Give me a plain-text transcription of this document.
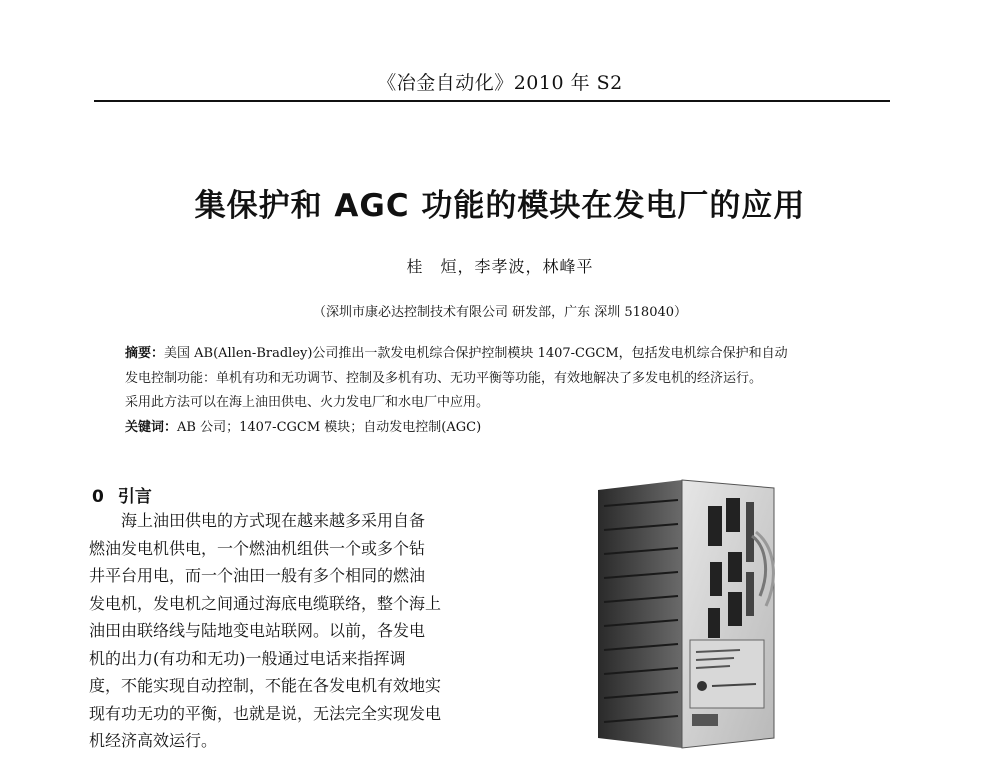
《冶金自动化》2010 年 S2
集保护和 AGC 功能的模块在发电厂的应用
桂　烜，李孝波，林峰平
（深圳市康必达控制技术有限公司 研发部，广东 深圳 518040）
摘要：美国 AB(Allen-Bradley)公司推出一款发电机综合保护控制模块 1407-CGCM，包括发电机综合保护和自动
发电控制功能：单机有功和无功调节、控制及多机有功、无功平衡等功能，有效地解决了多发电机的经济运行。
采用此方法可以在海上油田供电、火力发电厂和水电厂中应用。
关键词：AB 公司；1407-CGCM 模块；自动发电控制(AGC)
0 引言
　　海上油田供电的方式现在越来越多采用自备
燃油发电机供电，一个燃油机组供一个或多个钻
井平台用电，而一个油田一般有多个相同的燃油
发电机，发电机之间通过海底电缆联络，整个海上
油田由联络线与陆地变电站联网。以前，各发电
机的出力(有功和无功)一般通过电话来指挥调
度，不能实现自动控制，不能在各发电机有效地实
现有功无功的平衡，也就是说，无法完全实现发电
机经济高效运行。
